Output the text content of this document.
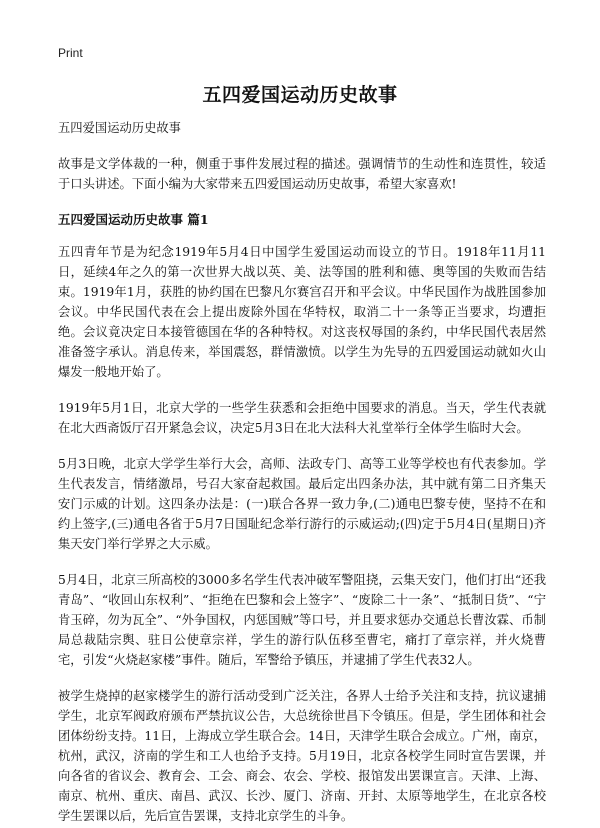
Print
五四爱国运动历史故事

五四爱国运动历史故事

故事是文学体裁的一种，侧重于事件发展过程的描述。强调情节的生动性和连贯性，较适于口头讲述。下面小编为大家带来五四爱国运动历史故事，希望大家喜欢!

五四爱国运动历史故事 篇1

五四青年节是为纪念1919年5月4日中国学生爱国运动而设立的节日。1918年11月11日，延续4年之久的第一次世界大战以英、美、法等国的胜利和德、奥等国的失败而告结束。1919年1月，获胜的协约国在巴黎凡尔赛宫召开和平会议。中华民国作为战胜国参加会议。中华民国代表在会上提出废除外国在华特权，取消二十一条等正当要求，均遭拒绝。会议竟决定日本接管德国在华的各种特权。对这丧权辱国的条约，中华民国代表居然准备签字承认。消息传来，举国震怒，群情激愤。以学生为先导的五四爱国运动就如火山爆发一般地开始了。

1919年5月1日，北京大学的一些学生获悉和会拒绝中国要求的消息。当天，学生代表就在北大西斋饭厅召开紧急会议，决定5月3日在北大法科大礼堂举行全体学生临时大会。

5月3日晚，北京大学学生举行大会，高师、法政专门、高等工业等学校也有代表参加。学生代表发言，情绪激昂，号召大家奋起救国。最后定出四条办法，其中就有第二日齐集天安门示威的计划。这四条办法是：(一)联合各界一致力争,(二)通电巴黎专使，坚持不在和约上签字,(三)通电各省于5月7日国耻纪念举行游行的示威运动;(四)定于5月4日(星期日)齐集天安门举行学界之大示威。

5月4日，北京三所高校的3000多名学生代表冲破军警阻挠，云集天安门，他们打出“还我青岛”、“收回山东权利”、“拒绝在巴黎和会上签字”、“废除二十一条”、“抵制日货”、“宁肯玉碎，勿为瓦全”、“外争国权，内惩国贼”等口号，并且要求惩办交通总长曹汝霖、币制局总裁陆宗舆、驻日公使章宗祥，学生的游行队伍移至曹宅，痛打了章宗祥，并火烧曹宅，引发“火烧赵家楼”事件。随后，军警给予镇压，并逮捕了学生代表32人。

被学生烧掉的赵家楼学生的游行活动受到广泛关注，各界人士给予关注和支持，抗议逮捕学生，北京军阀政府颁布严禁抗议公告，大总统徐世昌下令镇压。但是，学生团体和社会团体纷纷支持。11日，上海成立学生联合会。14日，天津学生联合会成立。广州，南京，杭州，武汉，济南的学生和工人也给予支持。5月19日，北京各校学生同时宣告罢课，并向各省的省议会、教育会、工会、商会、农会、学校、报馆发出罢课宣言。天津、上海、南京、杭州、重庆、南昌、武汉、长沙、厦门、济南、开封、太原等地学生，在北京各校学生罢课以后，先后宣告罢课，支持北京学生的斗争。
